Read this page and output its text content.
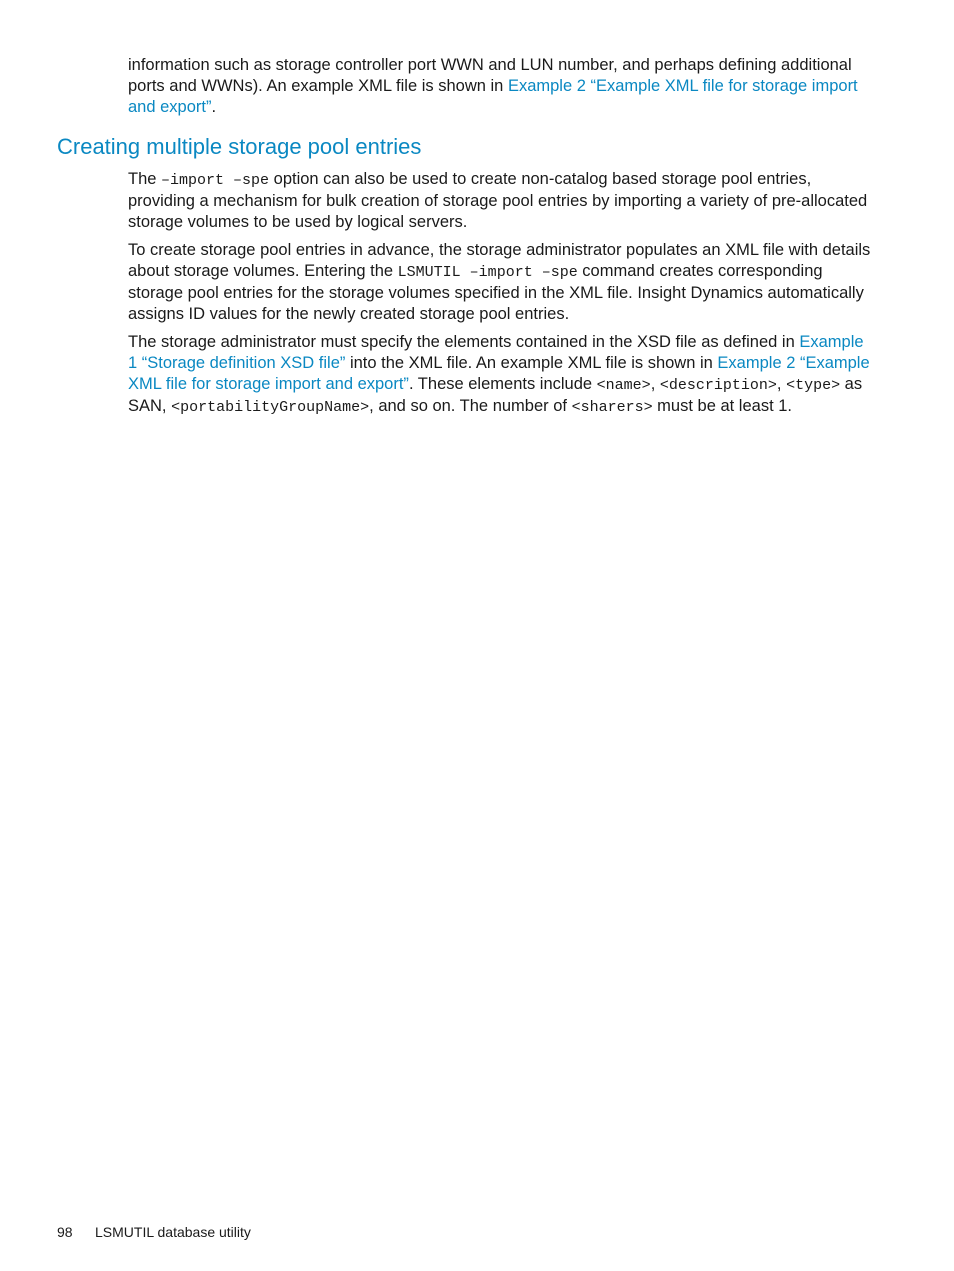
information such as storage controller port WWN and LUN number, and perhaps defining additional ports and WWNs). An example XML file is shown in Example 2 “Example XML file for storage import and export”.

Creating multiple storage pool entries

The –import –spe option can also be used to create non-catalog based storage pool entries, providing a mechanism for bulk creation of storage pool entries by importing a variety of pre-allocated storage volumes to be used by logical servers.

To create storage pool entries in advance, the storage administrator populates an XML file with details about storage volumes. Entering the LSMUTIL –import –spe command creates corresponding storage pool entries for the storage volumes specified in the XML file. Insight Dynamics automatically assigns ID values for the newly created storage pool entries.

The storage administrator must specify the elements contained in the XSD file as defined in Example 1 “Storage definition XSD file” into the XML file. An example XML file is shown in Example 2 “Example XML file for storage import and export”. These elements include <name>, <description>, <type> as SAN, <portabilityGroupName>, and so on. The number of <sharers> must be at least 1.

98 LSMUTIL database utility
